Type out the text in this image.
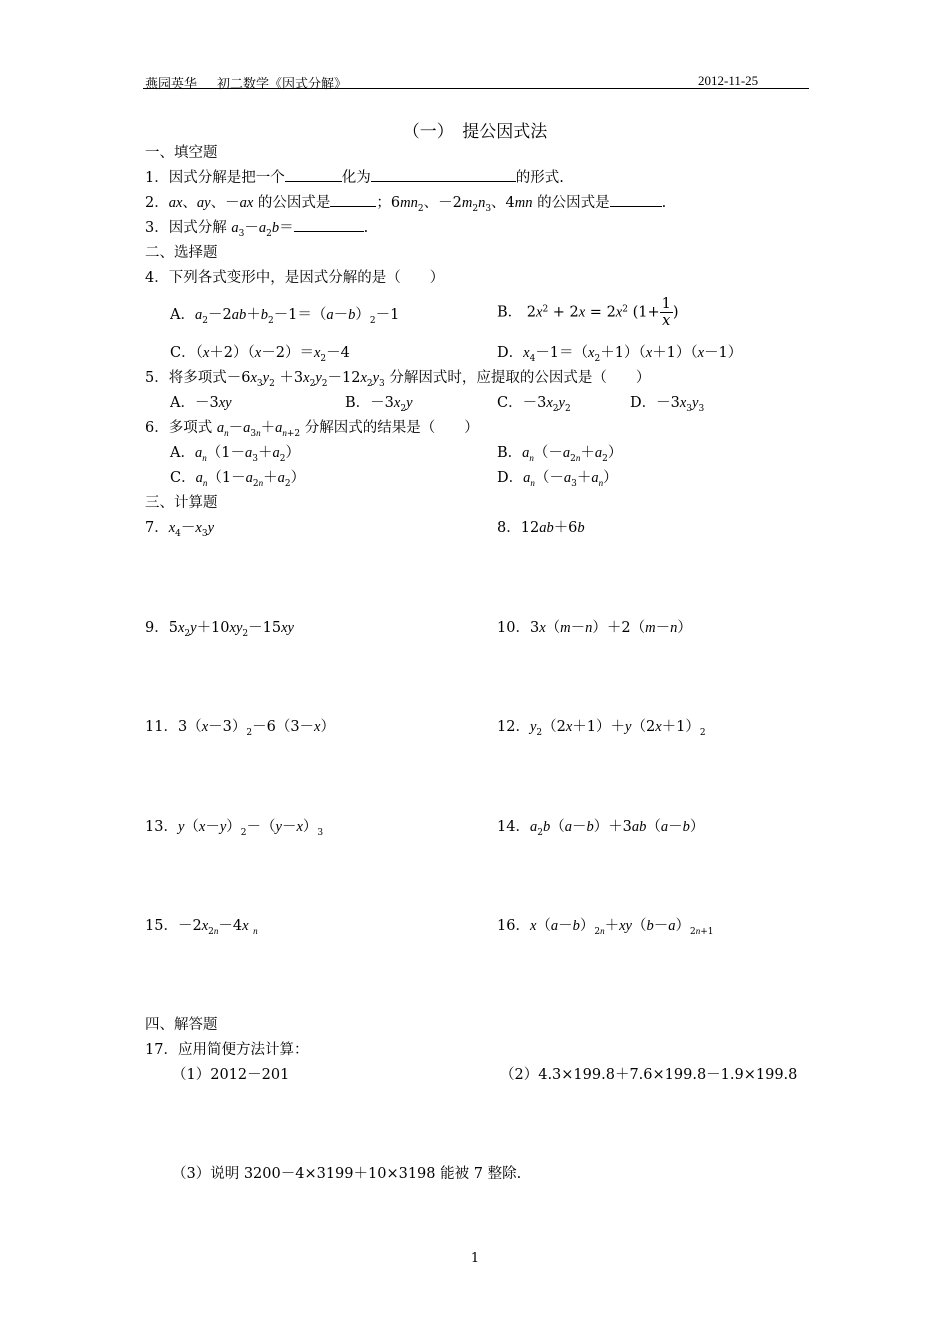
燕园英华 初二数学《因式分解》	2012-11-25
（一）　提公因式法
一、填空题
1．因式分解是把一个	化为	的形式.
2．ax、ay、－ax 的公因式是	；$6mn_2$、$-2m_2n_3$、4mn 的公因式是	.
3．因式分解 $a_3-a_2b=$	.
二、选择题
4．下列各式变形中，是因式分解的是（　　）
A．$a_2-2ab+b_2-1=(a-b)_2-1$	B． $2x^2 + 2x = 2x^2$ ($1+ \frac{1}{x}$ )
C．$(x+2)(x-2)=x_2-4$	D．$x_4-1=(x_2+1)(x+1)(x-1)$
5．将多项式$-6x_3y_2 +3x_2y_2-12x_2y_3$ 分解因式时，应提取的公因式是（　　）
A．－3xy	B．$-3x_2y$	C．$-3x_2y_2$	D．$-3x_3y_3$
6．多项式 $a_n-a_{3n}+a_{n+2}$ 分解因式的结果是（　　）
A．$a_n(1-a_3+a_2)$	B．$a_n(-a_{2n}+a_2)$
C．$a_n(1-a_{2n}+a_2)$	D．$a_n(-a_3+a_n)$
三、计算题
7．$x_4-x_3y$	8．12ab＋6b
9．$5x_2y+10xy_2-15xy$	10．3x（m－n）＋2（m－n）
11．$3(x-3)_2-6(3-x)$	12．$y_2(2x+1)+y(2x+1)_2$
13．$y(x-y)_2-(y-x)_3$	14．$a_2b(a-b)+3ab(a-b)$
15．$-2x_{2n}-4x$ $_n$	16．$x(a-b)_{2n}+xy(b-a)_{2n+1}$
四、解答题
17．应用简便方法计算：
（1）2012－201	（2）4.3×199.8＋7.6×199.8－1.9×199.8
（3）说明 3200－4×3199＋10×3198 能被 7 整除.
1
